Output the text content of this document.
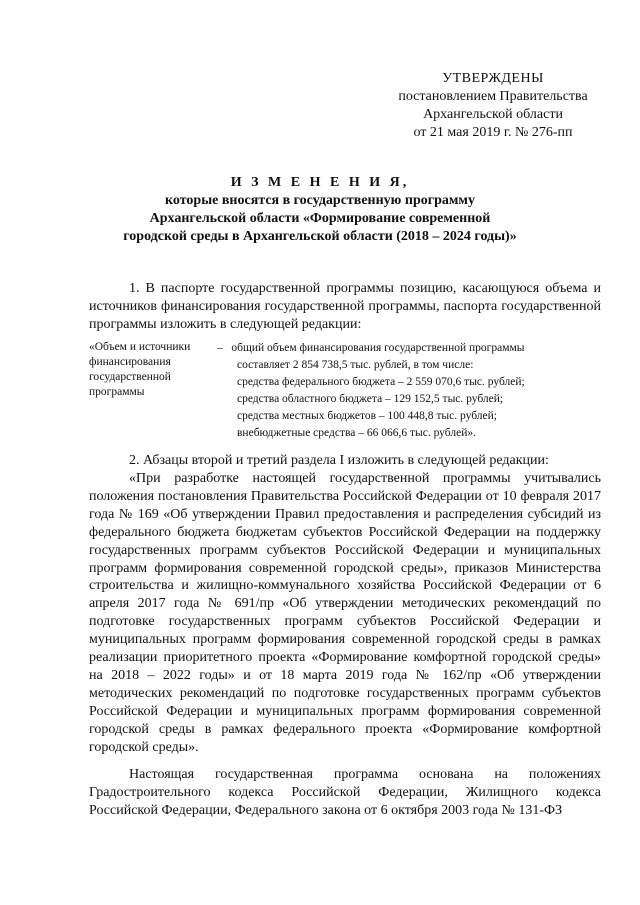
УТВЕРЖДЕНЫ
постановлением Правительства
Архангельской области
от 21 мая 2019 г. № 276-пп
И З М Е Н Е Н И Я,
которые вносятся в государственную программу
Архангельской области «Формирование современной
городской среды в Архангельской области (2018 – 2024 годы)»
1. В паспорте государственной программы позицию, касающуюся объема и источников финансирования государственной программы, паспорта государственной программы изложить в следующей редакции:
«Объем и источники финансирования государственной программы
– общий объем финансирования государственной программы
составляет 2 854 738,5 тыс. рублей, в том числе:
средства федерального бюджета – 2 559 070,6 тыс. рублей;
средства областного бюджета – 129 152,5 тыс. рублей;
средства местных бюджетов – 100 448,8 тыс. рублей;
внебюджетные средства – 66 066,6 тыс. рублей».
2. Абзацы второй и третий раздела I изложить в следующей редакции:
«При разработке настоящей государственной программы учитывались положения постановления Правительства Российской Федерации от 10 февраля 2017 года № 169 «Об утверждении Правил предоставления и распределения субсидий из федерального бюджета бюджетам субъектов Российской Федерации на поддержку государственных программ субъектов Российской Федерации и муниципальных программ формирования современной городской среды», приказов Министерства строительства и жилищно-коммунального хозяйства Российской Федерации от 6 апреля 2017 года № 691/пр «Об утверждении методических рекомендаций по подготовке государственных программ субъектов Российской Федерации и муниципальных программ формирования современной городской среды в рамках реализации приоритетного проекта «Формирование комфортной городской среды» на 2018 – 2022 годы» и от 18 марта 2019 года № 162/пр «Об утверждении методических рекомендаций по подготовке государственных программ субъектов Российской Федерации и муниципальных программ формирования современной городской среды в рамках федерального проекта «Формирование комфортной городской среды».
Настоящая государственная программа основана на положениях Градостроительного кодекса Российской Федерации, Жилищного кодекса Российской Федерации, Федерального закона от 6 октября 2003 года № 131-ФЗ
